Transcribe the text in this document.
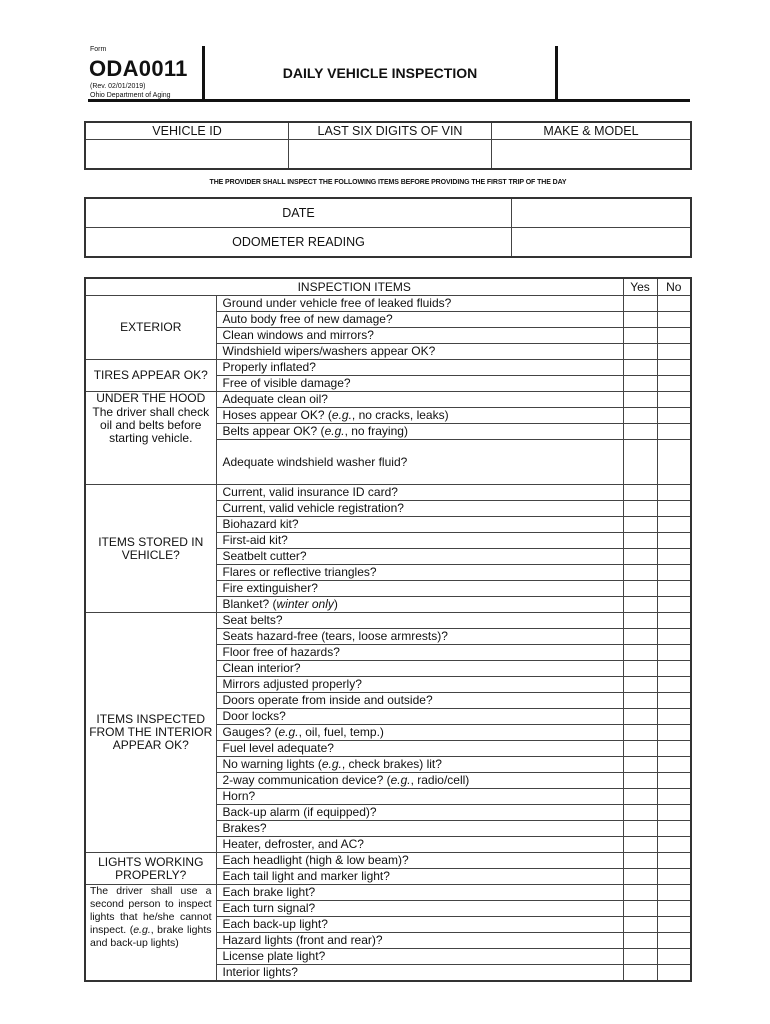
Form
ODA0011
(Rev. 02/01/2019)
Ohio Department of Aging
DAILY VEHICLE INSPECTION
VEHICLE ID	LAST SIX DIGITS OF VIN	MAKE & MODEL

THE PROVIDER SHALL INSPECT THE FOLLOWING ITEMS BEFORE PROVIDING THE FIRST TRIP OF THE DAY
DATE	
ODOMETER READING	
INSPECTION ITEMS		Yes	No

EXTERIOR	Ground under vehicle free of leaked fluids?		
	Auto body free of new damage?		
	Clean windows and mirrors?		
	Windshield wipers/washers appear OK?		

TIRES APPEAR OK?	Properly inflated?		
	Free of visible damage?		

UNDER THE HOOD
The driver shall check oil and belts before starting vehicle.	Adequate clean oil?		
	Hoses appear OK? (e.g., no cracks, leaks)		
	Belts appear OK? (e.g., no fraying)		
	Adequate windshield washer fluid?		

ITEMS STORED IN VEHICLE?	Current, valid insurance ID card?		
	Current, valid vehicle registration?		
	Biohazard kit?		
	First-aid kit?		
	Seatbelt cutter?		
	Flares or reflective triangles?		
	Fire extinguisher?		
	Blanket? (winter only)		

ITEMS INSPECTED FROM THE INTERIOR APPEAR OK?	Seat belts?		
	Seats hazard-free (tears, loose armrests)?		
	Floor free of hazards?		
	Clean interior?		
	Mirrors adjusted properly?		
	Doors operate from inside and outside?		
	Door locks?		
	Gauges? (e.g., oil, fuel, temp.)		
	Fuel level adequate?		
	No warning lights (e.g., check brakes) lit?		
	2-way communication device? (e.g., radio/cell)		
	Horn?		
	Back-up alarm (if equipped)?		
	Brakes?		
	Heater, defroster, and AC?		

LIGHTS WORKING PROPERLY?	Each headlight (high & low beam)?		
	Each tail light and marker light?		
The driver shall use a second person to inspect lights that he/she cannot inspect. (e.g., brake lights and back-up lights)	Each brake light?		
	Each turn signal?		
	Each back-up light?		
	Hazard lights (front and rear)?		
	License plate light?		
	Interior lights?		
